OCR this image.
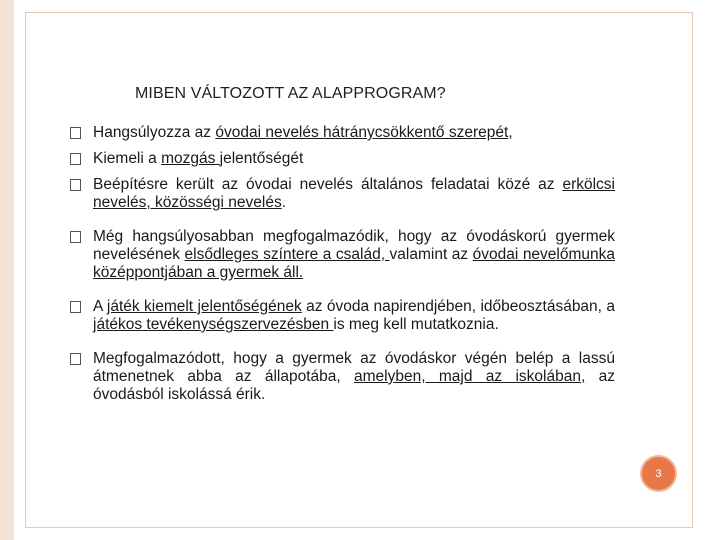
MIBEN VÁLTOZOTT AZ ALAPPROGRAM?
Hangsúlyozza az óvodai nevelés hátránycsökkentő szerepét,
Kiemeli a mozgás jelentőségét
Beépítésre került az óvodai nevelés általános feladatai közé az erkölcsi nevelés, közösségi nevelés.
Még hangsúlyosabban megfogalmazódik, hogy az óvodáskorú gyermek nevelésének elsődleges színtere a család, valamint az óvodai nevelőmunka középpontjában a gyermek áll.
A játék kiemelt jelentőségének az óvoda napirendjében, időbeosztásában, a játékos tevékenységszervezésben is meg kell mutatkoznia.
Megfogalmazódott, hogy a gyermek az óvodáskor végén belép a lassú átmenetnek abba az állapotába, amelyben, majd az iskolában, az óvodásból iskolássá érik.
3
